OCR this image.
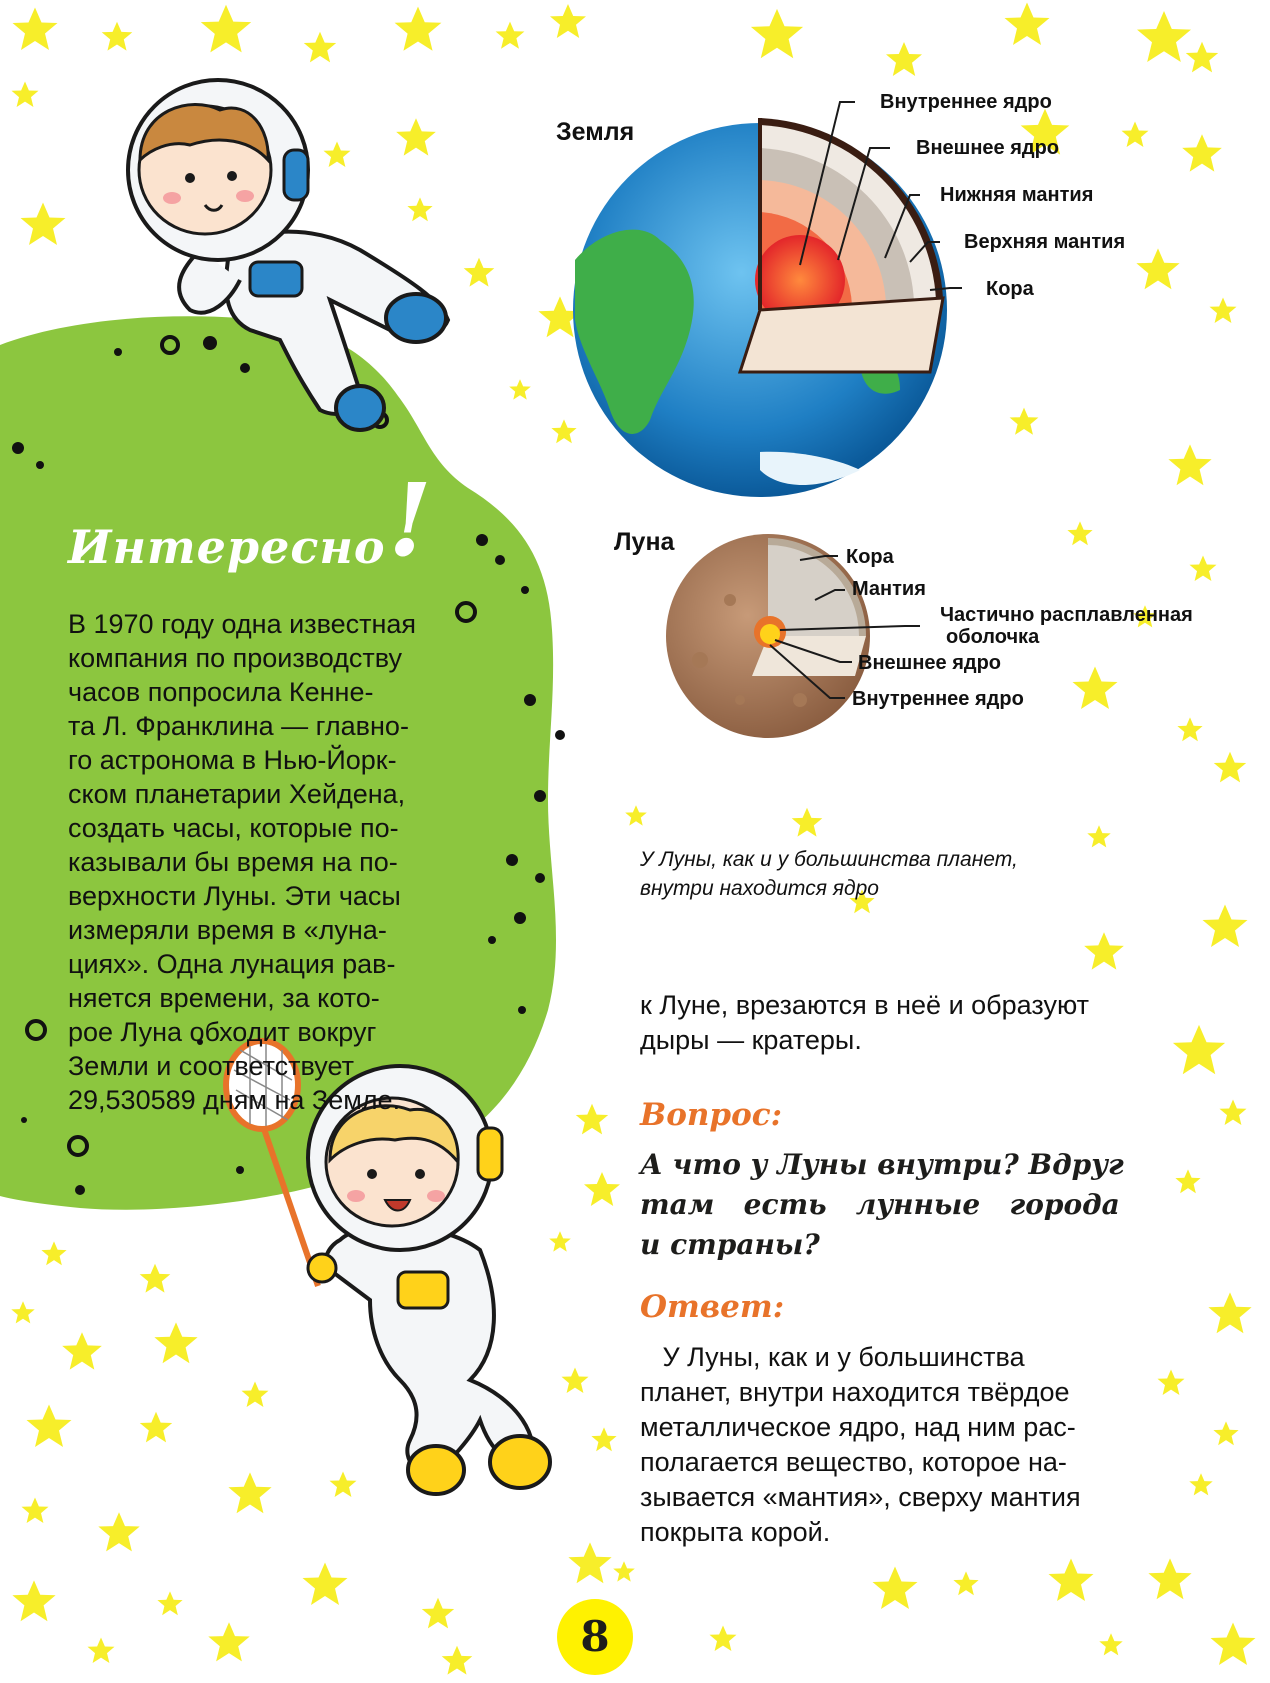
Земля
Внутреннее ядро
Внешнее ядро
Нижняя мантия
Верхняя мантия
Кора
Луна
Кора
Мантия
Частично расплавленная
оболочка
Внешнее ядро
Внутреннее ядро
Интересно !

В 1970 году одна известная

компания по производству

часов попросила Кенне-

та Л. Франклина — главно-

го астронома в Нью-Йорк-

ском планетарии Хейдена,

создать часы, которые по-

казывали бы время на по-

верхности Луны. Эти часы

измеряли время в «луна-

циях». Одна лунация рав-

няется времени, за кото-

рое Луна обходит вокруг

Земли и соответствует

29,530589 дням на Земле.

У Луны, как и у большинства планет,

внутри находится ядро

к Луне, врезаются в неё и образуют

дыры — кратеры.

Вопрос:

А что у Луны внутри? Вдруг

там   есть   лунные   города

и страны?

Ответ:

У Луны, как и у большинства

планет, внутри находится твёрдое

металлическое ядро, над ним рас-

полагается вещество, которое на-

зывается «мантия», сверху мантия

покрыта корой.

8
